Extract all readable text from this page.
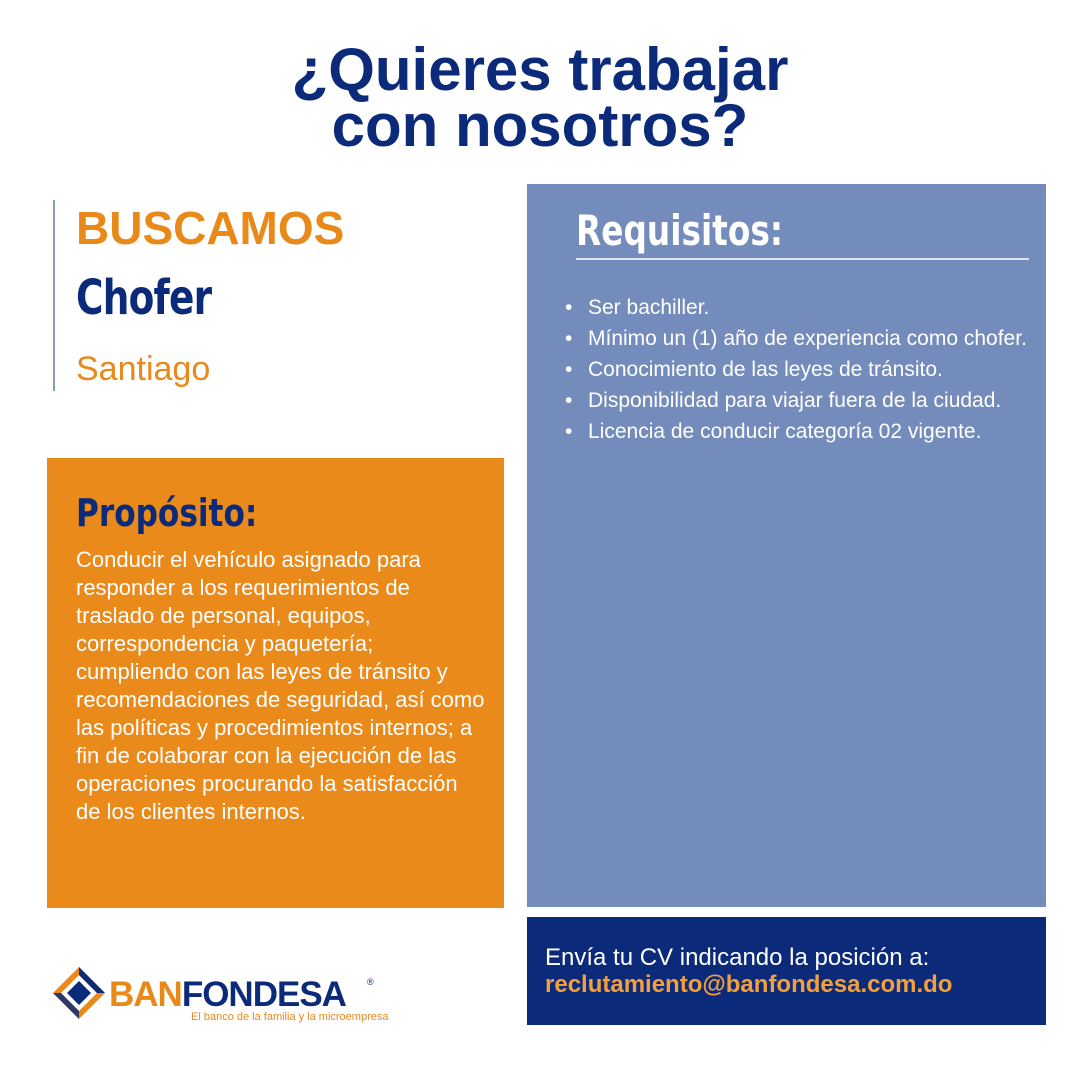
¿Quieres trabajar
con nosotros?
BUSCAMOS
Chofer
Santiago
Propósito:

Conducir el vehículo asignado para responder a los requerimientos de traslado de personal, equipos, correspondencia y paquetería; cumpliendo con las leyes de tránsito y recomendaciones de seguridad, así como las políticas y procedimientos internos; a fin de colaborar con la ejecución de las operaciones procurando la satisfacción de los clientes internos.

Requisitos:
• Ser bachiller.
• Mínimo un (1) año de experiencia como chofer.
• Conocimiento de las leyes de tránsito.
• Disponibilidad para viajar fuera de la ciudad.
• Licencia de conducir categoría 02 vigente.
Envía tu CV indicando la posición a:
reclutamiento@banfondesa.com.do
BANFONDESA ®
El banco de la familia y la microempresa
